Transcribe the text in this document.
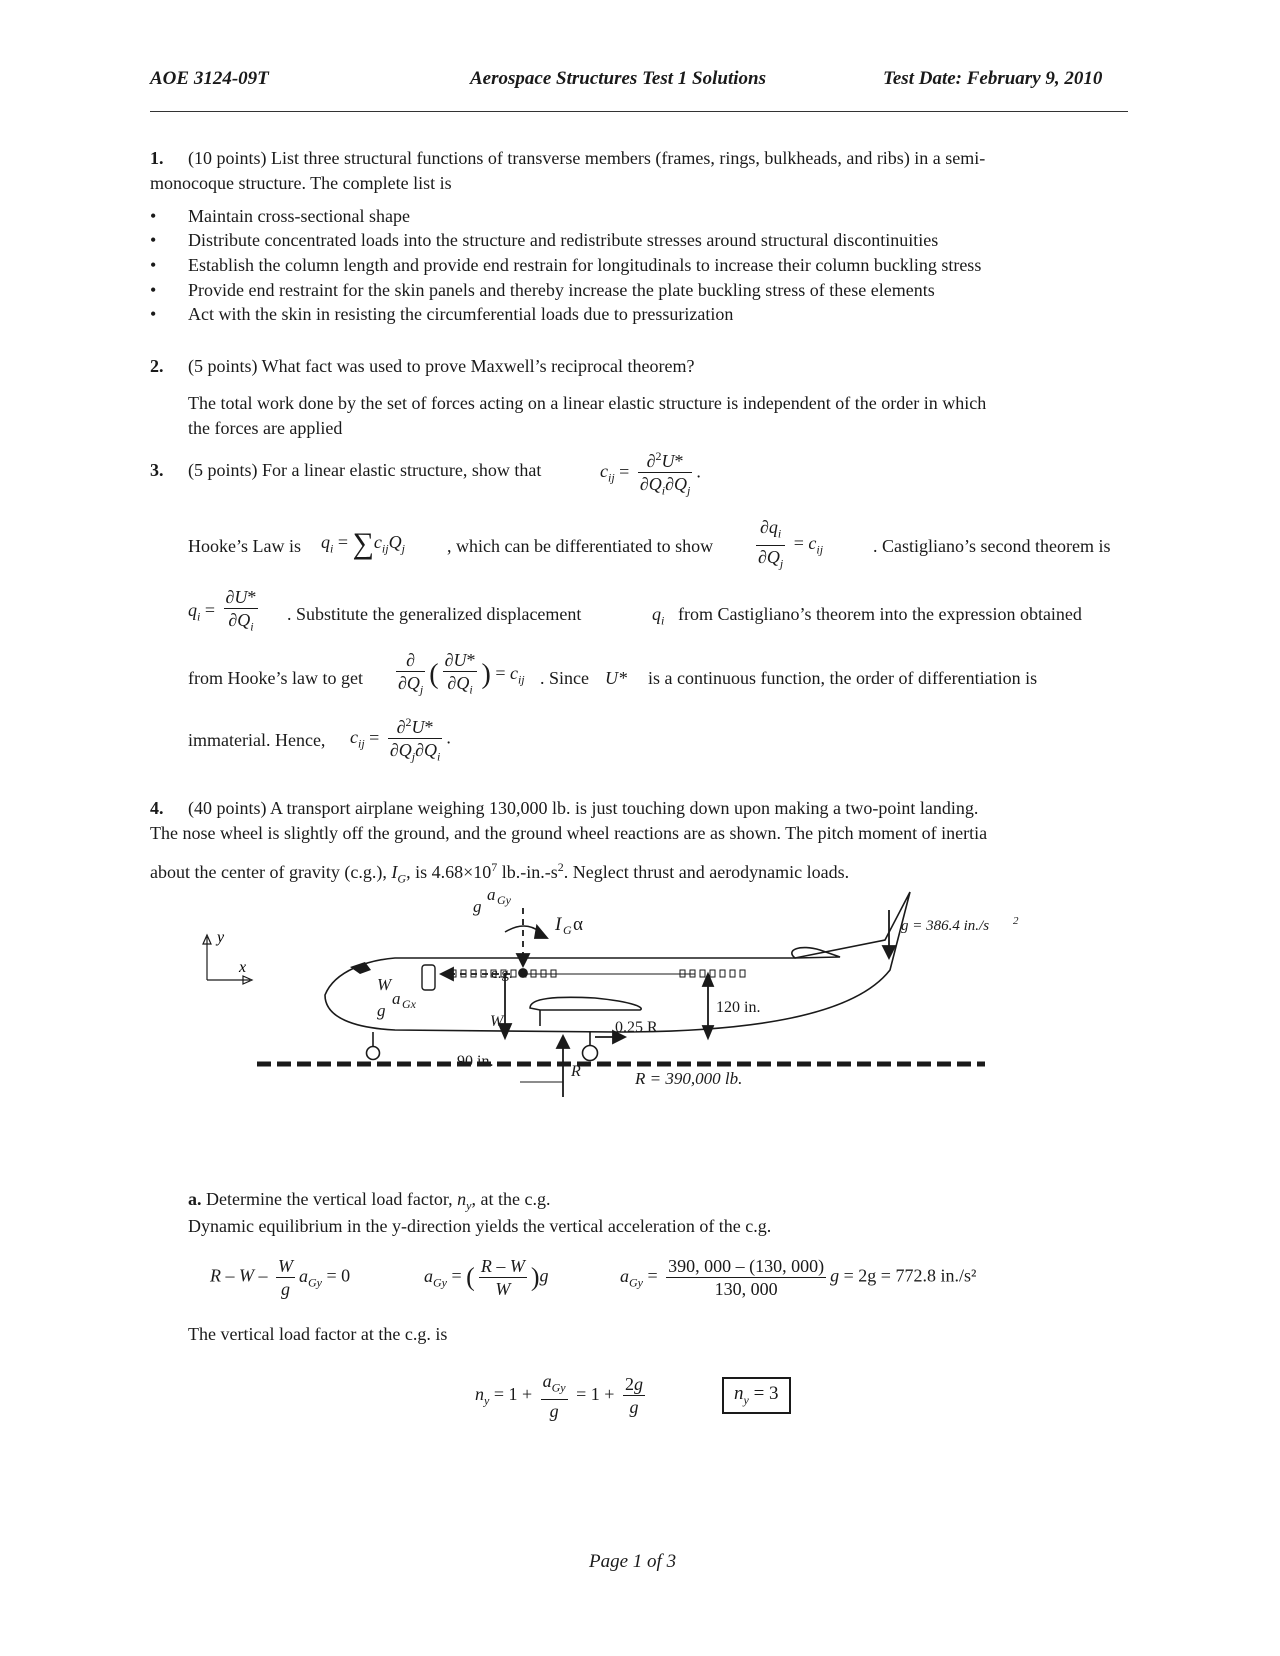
AOE 3124-09T	Aerospace Structures Test 1 Solutions	Test Date: February 9, 2010
1. (10 points) List three structural functions of transverse members (frames, rings, bulkheads, and ribs) in a semi-
monocoque structure. The complete list is
• Maintain cross-sectional shape
• Distribute concentrated loads into the structure and redistribute stresses around structural discontinuities
• Establish the column length and provide end restrain for longitudinals to increase their column buckling stress
• Provide end restraint for the skin panels and thereby increase the plate buckling stress of these elements
• Act with the skin in resisting the circumferential loads due to pressurization
2. (5 points) What fact was used to prove Maxwell’s reciprocal theorem?
The total work done by the set of forces acting on a linear elastic structure is independent of the order in which
the forces are applied
3. (5 points) For a linear elastic structure, show that	$c_{ij} = \frac{\partial^2U*}{\partial Q_i\partial Q_j}$ .
Hooke’s Law is $q_i = \sum c_{ij}Q_j$ , which can be differentiated to show $\frac{\partial q_i}{\partial Q_j} = c_{ij}$	. Castigliano’s second theorem is
$q_i = \frac{\partial U*}{\partial Q_i}$ . Substitute the generalized displacement	$q_i$ from Castigliano’s theorem into the expression obtained
from Hooke’s law to get $\frac{\partial}{\partial Q_j}$ ( $\frac{\partial U*}{\partial Q_i}$ ) = $c_{ij}$ . Since U* is a continuous function, the order of differentiation is
immaterial. Hence, $c_{ij} = \frac{\partial^2U*}{\partial Q_j\partial Q_i}$ .
4. (40 points) A transport airplane weighing 130,000 lb. is just touching down upon making a two-point landing.
The nose wheel is slightly off the ground, and the ground wheel reactions are as shown. The pitch moment of inertia
about the center of gravity (c.g.), $I_G$, is $4.68\times 10^7$ $lb.-in.-s^2$. Neglect thrust and aerodynamic loads.
y
x	c.g.
W
R
0.25 R
120 in.
90 in.
R = 390,000 lb.
g = 386.4 in./s 2
I G α
a Gy
g
W
a Gx
g
a. Determine the vertical load factor, $n_y$, at the c.g.
Dynamic equilibrium in the y-direction yields the vertical acceleration of the c.g.
$R - W - \frac{W}{g} a_{Gy} = 0$	$a_{Gy}$ = ( $\frac{R - W}{W} )g$	$a_{Gy} = \frac{390, 000 - (130, 000)}{130, 000}$ g = 2g = 772.8 in./s²
The vertical load factor at the c.g. is
$n_y = 1 + \frac{a_{Gy}}{g} = 1 + \frac{2g}{g}$	$n_y = 3$
Page 1 of 3
